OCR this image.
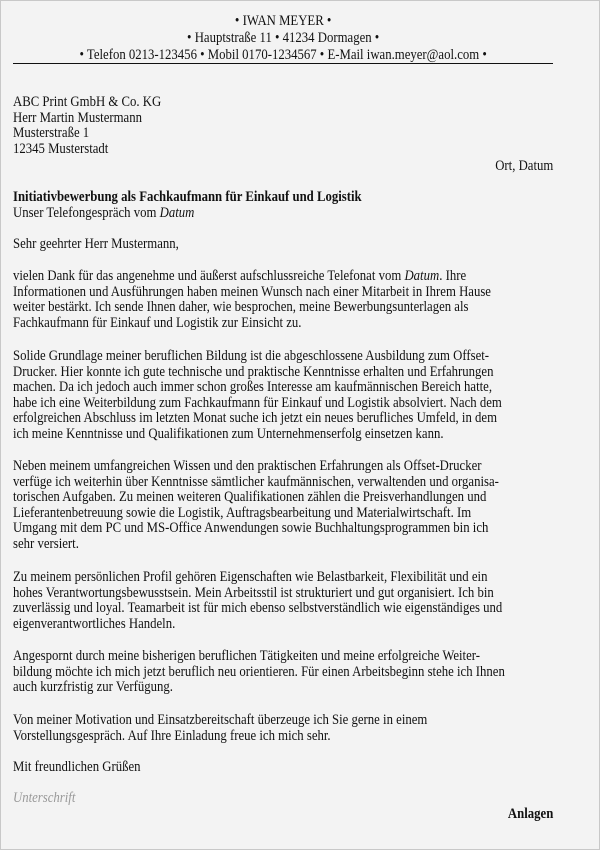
• IWAN MEYER •
• Hauptstraße 11 • 41234 Dormagen •
• Telefon 0213-123456 • Mobil 0170-1234567 • E-Mail iwan.meyer@aol.com •
ABC Print GmbH & Co. KG
Herr Martin Mustermann
Musterstraße 1
12345 Musterstadt
Ort, Datum
Initiativbewerbung als Fachkaufmann für Einkauf und Logistik
Unser Telefongespräch vom Datum
Sehr geehrter Herr Mustermann,
vielen Dank für das angenehme und äußerst aufschlussreiche Telefonat vom Datum. Ihre
Informationen und Ausführungen haben meinen Wunsch nach einer Mitarbeit in Ihrem Hause
weiter bestärkt. Ich sende Ihnen daher, wie besprochen, meine Bewerbungsunterlagen als
Fachkaufmann für Einkauf und Logistik zur Einsicht zu.
Solide Grundlage meiner beruflichen Bildung ist die abgeschlossene Ausbildung zum Offset-
Drucker. Hier konnte ich gute technische und praktische Kenntnisse erhalten und Erfahrungen
machen. Da ich jedoch auch immer schon großes Interesse am kaufmännischen Bereich hatte,
habe ich eine Weiterbildung zum Fachkaufmann für Einkauf und Logistik absolviert. Nach dem
erfolgreichen Abschluss im letzten Monat suche ich jetzt ein neues berufliches Umfeld, in dem
ich meine Kenntnisse und Qualifikationen zum Unternehmenserfolg einsetzen kann.
Neben meinem umfangreichen Wissen und den praktischen Erfahrungen als Offset-Drucker
verfüge ich weiterhin über Kenntnisse sämtlicher kaufmännischen, verwaltenden und organisa-
torischen Aufgaben. Zu meinen weiteren Qualifikationen zählen die Preisverhandlungen und
Lieferantenbetreuung sowie die Logistik, Auftragsbearbeitung und Materialwirtschaft. Im
Umgang mit dem PC und MS-Office Anwendungen sowie Buchhaltungsprogrammen bin ich
sehr versiert.
Zu meinem persönlichen Profil gehören Eigenschaften wie Belastbarkeit, Flexibilität und ein
hohes Verantwortungsbewusstsein. Mein Arbeitsstil ist strukturiert und gut organisiert. Ich bin
zuverlässig und loyal. Teamarbeit ist für mich ebenso selbstverständlich wie eigenständiges und
eigenverantwortliches Handeln.
Angespornt durch meine bisherigen beruflichen Tätigkeiten und meine erfolgreiche Weiter-
bildung möchte ich mich jetzt beruflich neu orientieren. Für einen Arbeitsbeginn stehe ich Ihnen
auch kurzfristig zur Verfügung.
Von meiner Motivation und Einsatzbereitschaft überzeuge ich Sie gerne in einem
Vorstellungsgespräch. Auf Ihre Einladung freue ich mich sehr.
Mit freundlichen Grüßen
Unterschrift
Anlagen
